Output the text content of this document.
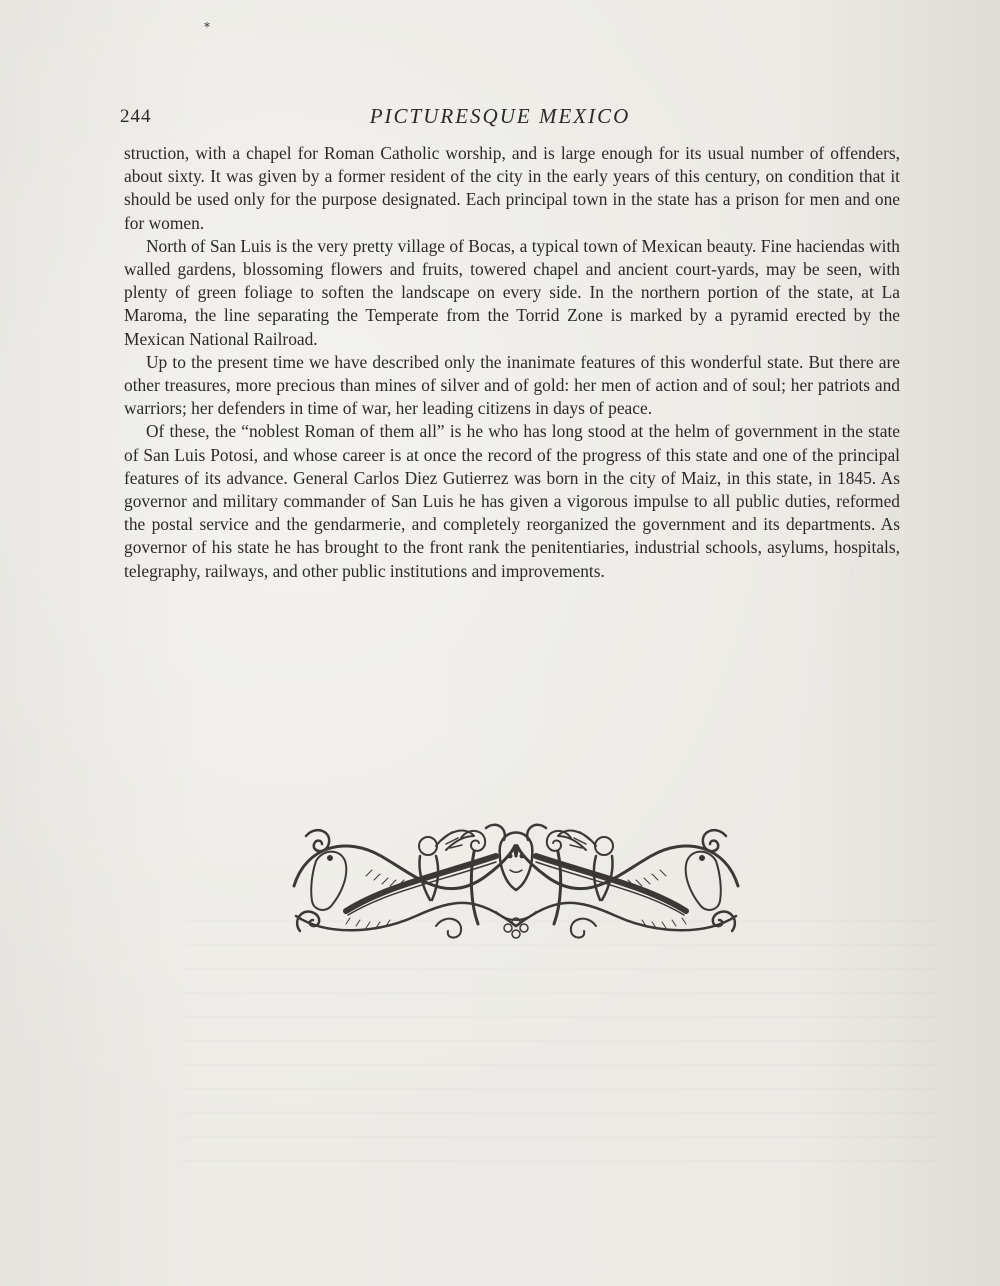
⁎
244	PICTURESQUE MEXICO

struction, with a chapel for Roman Catholic worship, and is large enough for its usual number of offenders, about sixty. It was given by a former resident of the city in the early years of this century, on condition that it should be used only for the purpose designated. Each principal town in the state has a prison for men and one for women.

North of San Luis is the very pretty village of Bocas, a typical town of Mexican beauty. Fine haciendas with walled gardens, blossoming flowers and fruits, towered chapel and ancient court-yards, may be seen, with plenty of green foliage to soften the landscape on every side. In the northern portion of the state, at La Maroma, the line separating the Temperate from the Torrid Zone is marked by a pyramid erected by the Mexican National Railroad.

Up to the present time we have described only the inanimate features of this wonderful state. But there are other treasures, more precious than mines of silver and of gold: her men of action and of soul; her patriots and warriors; her defenders in time of war, her leading citizens in days of peace.

Of these, the “noblest Roman of them all” is he who has long stood at the helm of government in the state of San Luis Potosi, and whose career is at once the record of the progress of this state and one of the principal features of its advance. General Carlos Diez Gutierrez was born in the city of Maiz, in this state, in 1845. As governor and military commander of San Luis he has given a vigorous impulse to all public duties, reformed the postal service and the gendarmerie, and completely reorganized the government and its departments. As governor of his state he has brought to the front rank the penitentiaries, industrial schools, asylums, hospitals, telegraphy, railways, and other public institutions and improvements.
